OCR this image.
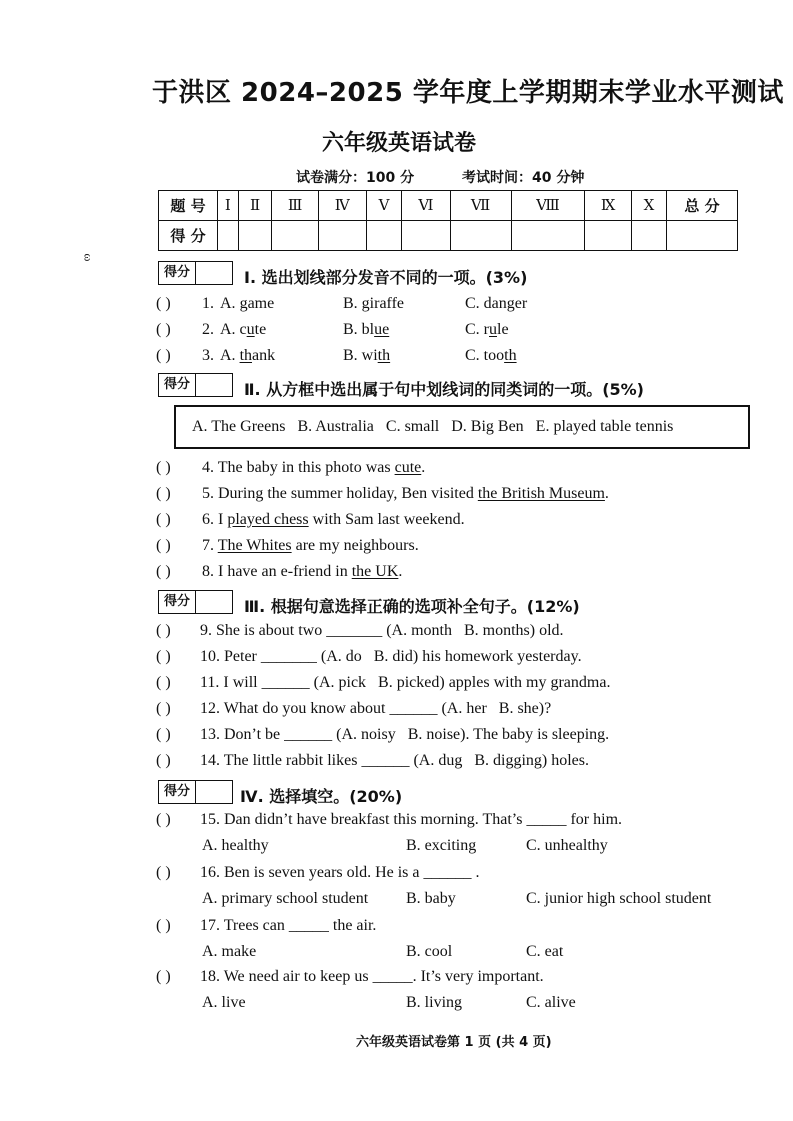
于洪区 2024–2025 学年度上学期期末学业水平测试
六年级英语试卷
试卷满分：100 分	考试时间：40 分钟
ω
题 号	Ⅰ	Ⅱ	Ⅲ	Ⅳ	Ⅴ	Ⅵ	Ⅶ	Ⅷ	Ⅸ	Ⅹ	总 分
得 分											
得分	Ⅰ. 选出划线部分发音不同的一项。(3%)
( ) 1. A. game	B. giraffe	C. danger
( ) 2. A. cute	B. blue	C. rule
( ) 3. A. thank	B. with	C. tooth
得分	Ⅱ. 从方框中选出属于句中划线词的同类词的一项。(5%)
A. The Greens   B. Australia   C. small   D. Big Ben   E. played table tennis
( ) 4. The baby in this photo was cute.
( ) 5. During the summer holiday, Ben visited the British Museum.
( ) 6. I played chess with Sam last weekend.
( ) 7. The Whites are my neighbours.
( ) 8. I have an e-friend in the UK.
得分	Ⅲ. 根据句意选择正确的选项补全句子。(12%)
( ) 9. She is about two _______ (A. month   B. months) old.
( ) 10. Peter _______ (A. do   B. did) his homework yesterday.
( ) 11. I will ______ (A. pick   B. picked) apples with my grandma.
( ) 12. What do you know about ______ (A. her   B. she)?
( ) 13. Don’t be ______ (A. noisy   B. noise). The baby is sleeping.
( ) 14. The little rabbit likes ______ (A. dug   B. digging) holes.
得分	Ⅳ. 选择填空。(20%)
( ) 15. Dan didn’t have breakfast this morning. That’s _____ for him.
A. healthy	B. exciting	C. unhealthy
( ) 16. Ben is seven years old. He is a ______ .
A. primary school student B. baby	C. junior high school student
( ) 17. Trees can _____ the air.
A. make	B. cool	C. eat
( ) 18. We need air to keep us _____. It’s very important.
A. live	B. living	C. alive
六年级英语试卷第 1 页 (共 4 页)
